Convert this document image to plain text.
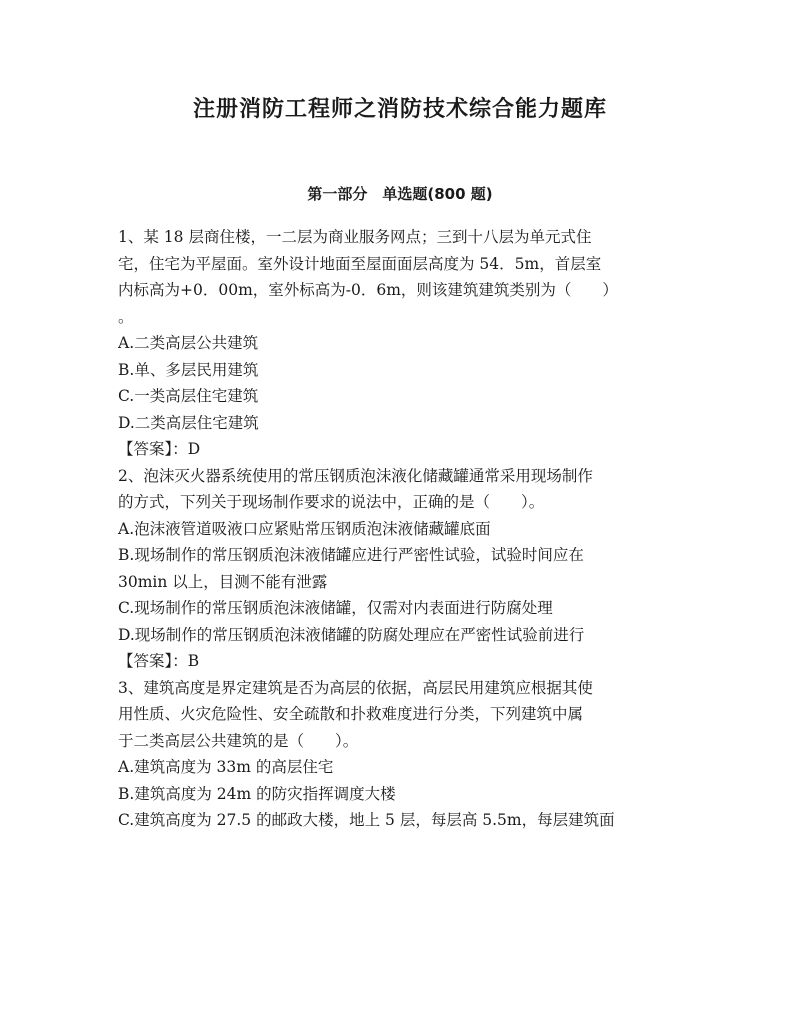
注册消防工程师之消防技术综合能力题库
第一部分　单选题(800 题)

1、某 18 层商住楼，一二层为商业服务网点；三到十八层为单元式住

宅，住宅为平屋面。室外设计地面至屋面面层高度为 54．5m，首层室

内标高为+0．00m，室外标高为-0．6m，则该建筑建筑类别为（　　）

。

A.二类高层公共建筑

B.单、多层民用建筑

C.一类高层住宅建筑

D.二类高层住宅建筑

【答案】：D

2、泡沫灭火器系统使用的常压钢质泡沫液化储藏罐通常采用现场制作

的方式，下列关于现场制作要求的说法中，正确的是（　　）。

A.泡沫液管道吸液口应紧贴常压钢质泡沫液储藏罐底面

B.现场制作的常压钢质泡沫液储罐应进行严密性试验，试验时间应在

30min 以上，目测不能有泄露

C.现场制作的常压钢质泡沫液储罐，仅需对内表面进行防腐处理

D.现场制作的常压钢质泡沫液储罐的防腐处理应在严密性试验前进行

【答案】：B

3、建筑高度是界定建筑是否为高层的依据，高层民用建筑应根据其使

用性质、火灾危险性、安全疏散和扑救难度进行分类，下列建筑中属

于二类高层公共建筑的是（　　）。

A.建筑高度为 33m 的高层住宅

B.建筑高度为 24m 的防灾指挥调度大楼

C.建筑高度为 27.5 的邮政大楼，地上 5 层，每层高 5.5m，每层建筑面
